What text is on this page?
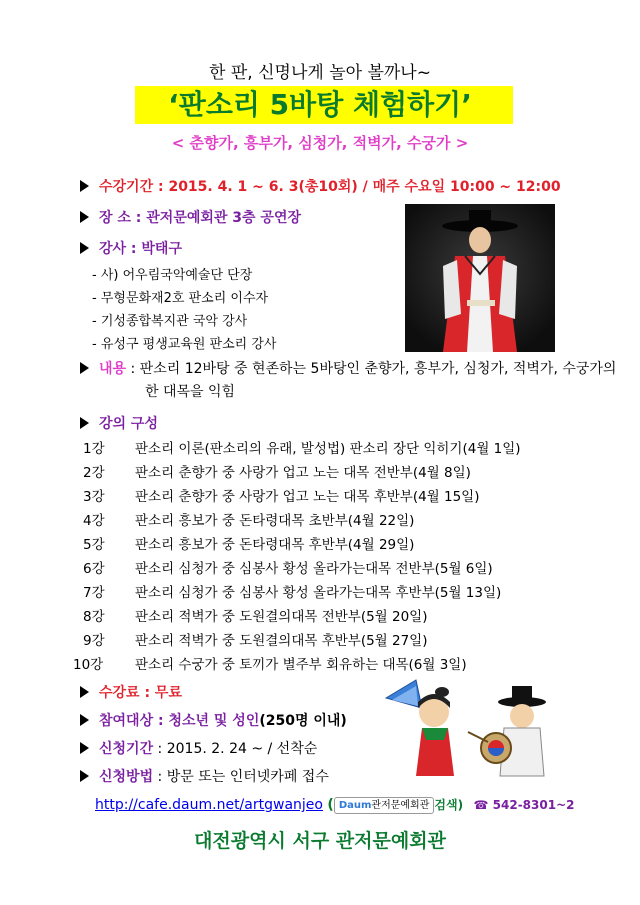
한 판, 신명나게 놀아 볼까나~
‘판소리 5바탕 체험하기’
< 춘향가, 흥부가, 심청가, 적벽가, 수궁가 >
수강기간 : 2015. 4. 1 ~ 6. 3(총10회) / 매주 수요일 10:00 ~ 12:00
장 소 : 관저문예회관 3층 공연장
강사 : 박태구
- 사) 어우림국악예술단 단장
- 무형문화재2호 판소리 이수자
- 기성종합복지관 국악 강사
- 유성구 평생교육원 판소리 강사
내용 : 판소리 12바탕 중 현존하는 5바탕인 춘향가, 흥부가, 심청가, 적벽가, 수궁가의
한 대목을 익힘
강의 구성
1강	판소리 이론(판소리의 유래, 발성법) 판소리 장단 익히기(4월 1일)
2강	판소리 춘향가 중 사랑가 업고 노는 대목 전반부(4월 8일)
3강	판소리 춘향가 중 사랑가 업고 노는 대목 후반부(4월 15일)
4강	판소리 흥보가 중 돈타령대목 초반부(4월 22일)
5강	판소리 흥보가 중 돈타령대목 후반부(4월 29일)
6강	판소리 심청가 중 심봉사 황성 올라가는대목 전반부(5월 6일)
7강	판소리 심청가 중 심봉사 황성 올라가는대목 후반부(5월 13일)
8강	판소리 적벽가 중 도원결의대목 전반부(5월 20일)
9강	판소리 적벽가 중 도원결의대목 후반부(5월 27일)
10강	판소리 수궁가 중 토끼가 별주부 회유하는 대목(6월 3일)
수강료 : 무료
참여대상 : 청소년 및 성인(250명 이내)
신청기간 : 2015. 2. 24 ~ / 선착순
신청방법 : 방문 또는 인터넷카페 접수
http://cafe.daum.net/artgwanjeo ( Daum관저문예회관 검색) ☎ 542-8301~2
대전광역시 서구 관저문예회관
